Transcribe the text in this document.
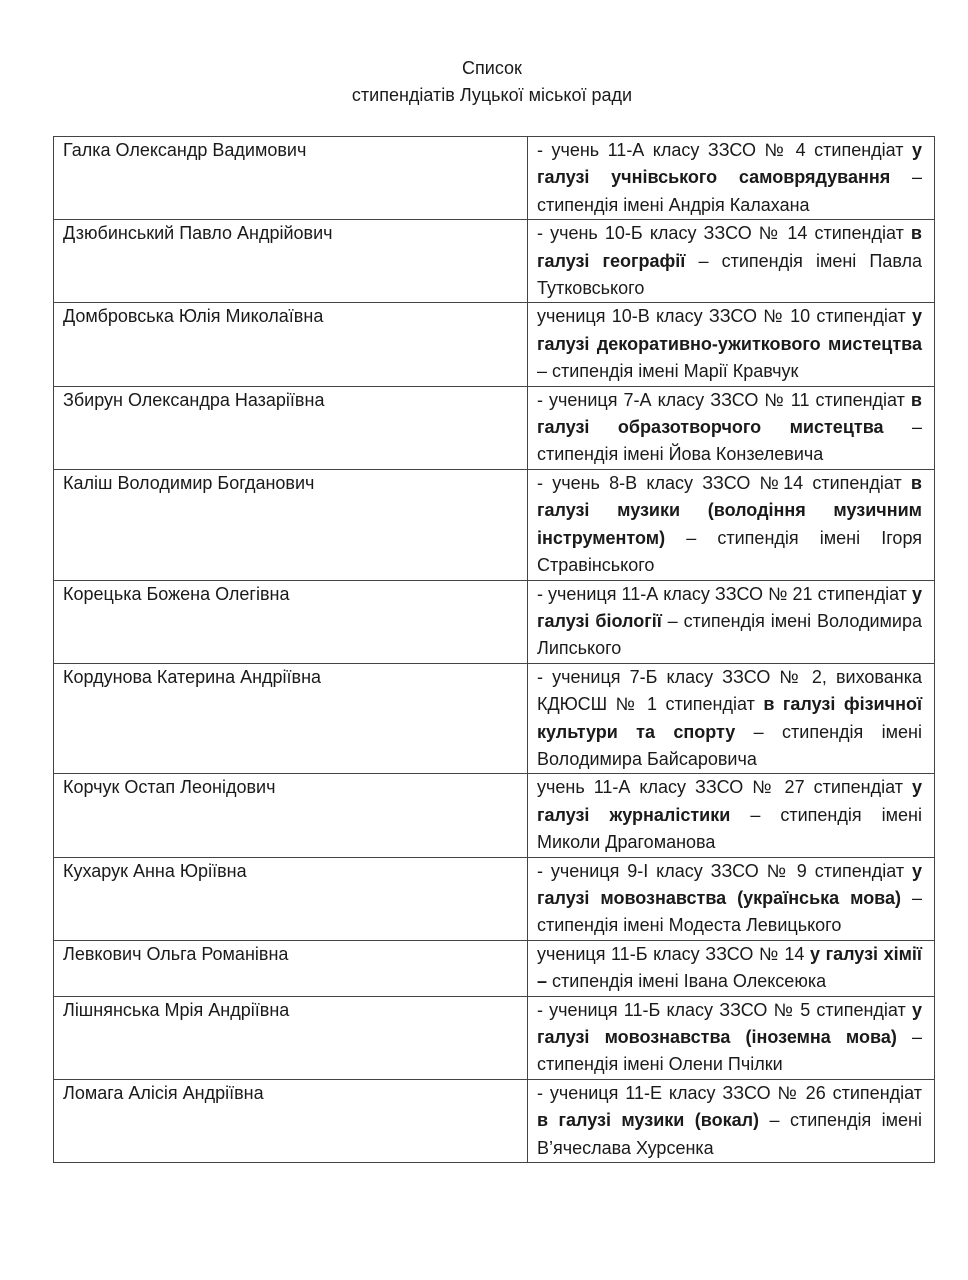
Список
стипендіатів Луцької міської ради
Галка Олександр Вадимович	- учень 11-А класу ЗЗСО № 4 стипендіат у галузі учнівського самоврядування – стипендія імені Андрія Калахана
Дзюбинський Павло Андрійович	- учень 10-Б класу ЗЗСО № 14 стипендіат в галузі географії – стипендія імені Павла Тутковського
Домбровська Юлія Миколаївна	учениця 10-В класу ЗЗСО № 10 стипендіат у галузі декоративно-ужиткового мистецтва – стипендія імені Марії Кравчук
Збирун Олександра Назаріївна	- учениця 7-А класу ЗЗСО № 11 стипендіат в галузі образотворчого мистецтва – стипендія імені Йова Конзелевича
Каліш Володимир Богданович	- учень 8-В класу ЗЗСО №14 стипендіат в галузі музики (володіння музичним інструментом) – стипендія імені Ігоря Стравінського
Корецька Божена Олегівна	- учениця 11-А класу ЗЗСО № 21 стипендіат у галузі біології – стипендія імені Володимира Липського
Кордунова Катерина Андріївна	- учениця 7-Б класу ЗЗСО № 2, вихованка КДЮСШ № 1 стипендіат в галузі фізичної культури та спорту – стипендія імені Володимира Байсаровича
Корчук Остап Леонідович	учень 11-А класу ЗЗСО № 27 стипендіат у галузі журналістики – стипендія імені Миколи Драгоманова
Кухарук Анна Юріївна	- учениця 9-І класу ЗЗСО № 9 стипендіат у галузі мовознавства (українська мова) – стипендія імені Модеста Левицького
Левкович Ольга Романівна	учениця 11-Б класу ЗЗСО № 14 у галузі хімії – стипендія імені Івана Олексеюка
Лішнянська Мрія Андріївна	- учениця 11-Б класу ЗЗСО № 5 стипендіат у галузі мовознавства (іноземна мова) – стипендія імені Олени Пчілки
Ломага Алісія Андріївна	- учениця 11-Е класу ЗЗСО № 26 стипендіат в галузі музики (вокал) – стипендія імені В’ячеслава Хурсенка
